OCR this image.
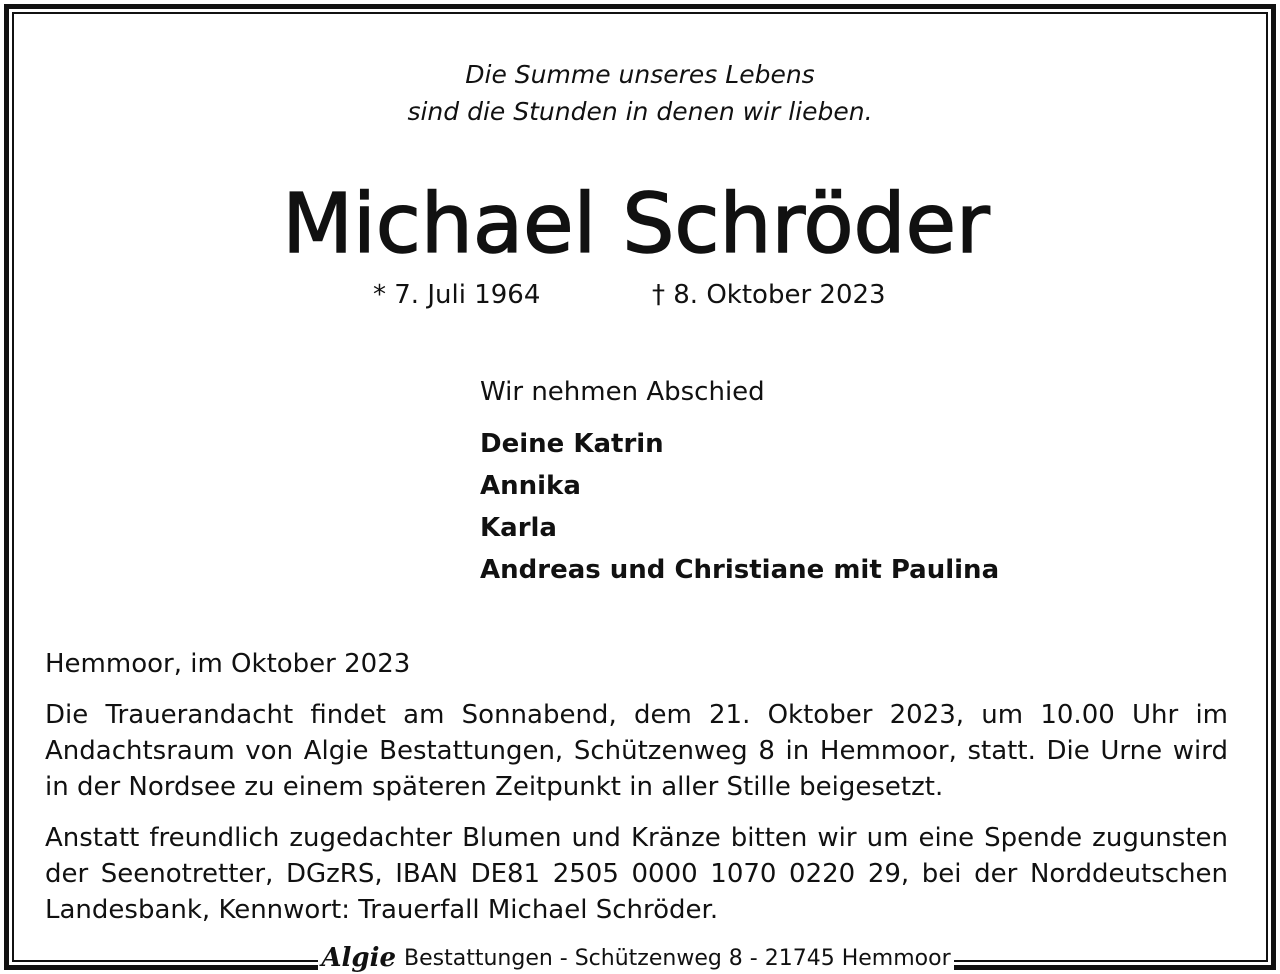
Die Summe unseres Lebens
sind die Stunden in denen wir lieben.
Michael Schröder
* 7. Juli 1964	† 8. Oktober 2023
Wir nehmen Abschied
Deine Katrin
Annika
Karla
Andreas und Christiane mit Paulina
Hemmoor, im Oktober 2023

Die Trauerandacht findet am Sonnabend, dem 21. Oktober 2023, um 10.00 Uhr im Andachtsraum von Algie Bestattungen, Schützenweg 8 in Hemmoor, statt. Die Urne wird in der Nordsee zu einem späteren Zeitpunkt in aller Stille beigesetzt.

Anstatt freundlich zugedachter Blumen und Kränze bitten wir um eine Spende zugunsten der Seenotretter, DGzRS, IBAN DE81 2505 0000 1070 0220 29, bei der Norddeutschen Landesbank, Kennwort: Trauerfall Michael Schröder.

Algie Bestattungen - Schützenweg 8 - 21745 Hemmoor
